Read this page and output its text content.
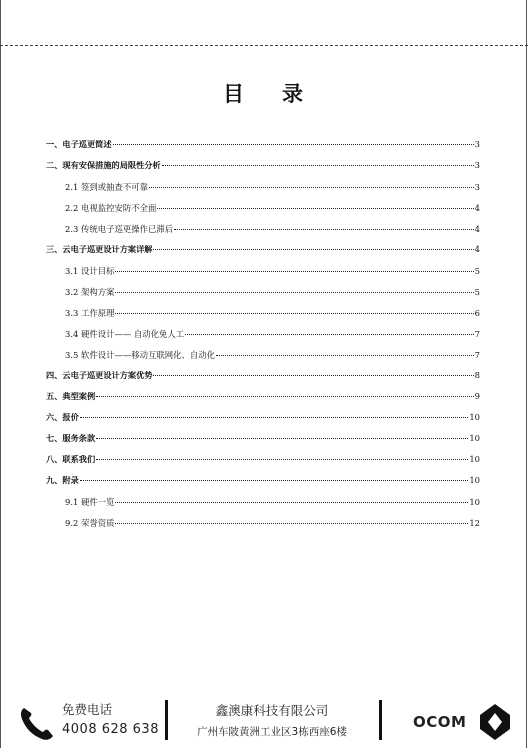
目录
一、电子巡更简述	3
二、现有安保措施的局限性分析	3
2.1 签到或抽查不可靠	3
2.2 电视监控安防不全面	4
2.3 传统电子巡更操作已滞后	4
三、云电子巡更设计方案详解	4
3.1 设计目标	5
3.2 架构方案	5
3.3 工作原理	6
3.4 硬件设计—— 自动化免人工	7
3.5 软件设计——移动互联网化、自动化	7
四、云电子巡更设计方案优势	8
五、典型案例	9
六、报价	10
七、服务条款	10
八、联系我们	10
九、附录	10
9.1 硬件一览	10
9.2 荣誉资质	12
免费电话
4008 628 638
鑫澳康科技有限公司
广州车陂黄洲工业区3栋西座6楼
OCOM
